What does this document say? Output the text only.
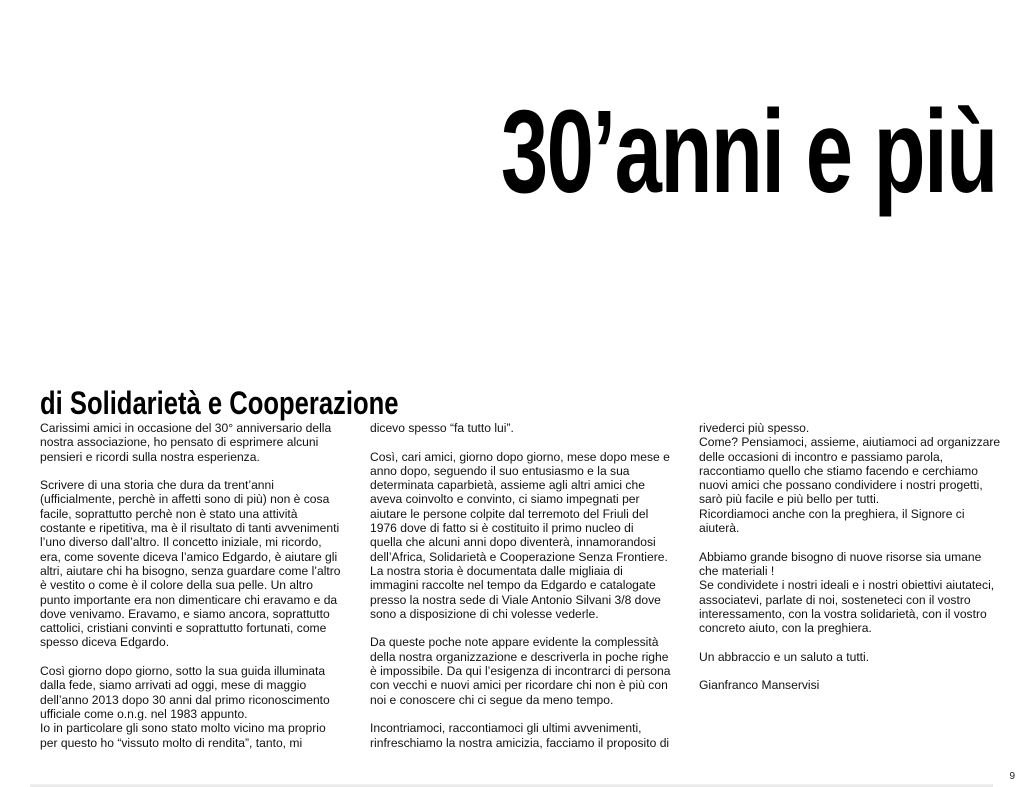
30’anni e più
di Solidarietà e Cooperazione

Carissimi amici in occasione del 30° anniversario della
nostra associazione, ho pensato di esprimere alcuni
pensieri e ricordi sulla nostra esperienza.

Scrivere di una storia che dura da trent’anni
(ufficialmente, perchè in affetti sono di più) non è cosa
facile, soprattutto perchè non è stato una attività
costante e ripetitiva, ma è il risultato di tanti avvenimenti
l’uno diverso dall’altro. Il concetto iniziale, mi ricordo,
era, come sovente diceva l’amico Edgardo, è aiutare gli
altri, aiutare chi ha bisogno, senza guardare come l’altro
è vestito o come è il colore della sua pelle. Un altro
punto importante era non dimenticare chi eravamo e da
dove venivamo. Eravamo, e siamo ancora, soprattutto
cattolici, cristiani convinti e soprattutto fortunati, come
spesso diceva Edgardo.

Così giorno dopo giorno, sotto la sua guida illuminata
dalla fede, siamo arrivati ad oggi, mese di maggio
dell’anno 2013 dopo 30 anni dal primo riconoscimento
ufficiale come o.n.g. nel 1983 appunto.
Io in particolare gli sono stato molto vicino ma proprio
per questo ho “vissuto molto di rendita”, tanto, mi

dicevo spesso “fa tutto lui”.

Così, cari amici, giorno dopo giorno, mese dopo mese e
anno dopo, seguendo il suo entusiasmo e la sua
determinata caparbietà, assieme agli altri amici che
aveva coinvolto e convinto, ci siamo impegnati per
aiutare le persone colpite dal terremoto del Friuli del
1976 dove di fatto si è costituito il primo nucleo di
quella che alcuni anni dopo diventerà, innamorandosi
dell’Africa, Solidarietà e Cooperazione Senza Frontiere.
La nostra storia è documentata dalle migliaia di
immagini raccolte nel tempo da Edgardo e catalogate
presso la nostra sede di Viale Antonio Silvani 3/8 dove
sono a disposizione di chi volesse vederle.

Da queste poche note appare evidente la complessità
della nostra organizzazione e descriverla in poche righe
è impossibile. Da qui l’esigenza di incontrarci di persona
con vecchi e nuovi amici per ricordare chi non è più con
noi e conoscere chi ci segue da meno tempo.

Incontriamoci, raccontiamoci gli ultimi avvenimenti,
rinfreschiamo la nostra amicizia, facciamo il proposito di

rivederci più spesso.
Come? Pensiamoci, assieme, aiutiamoci ad organizzare
delle occasioni di incontro e passiamo parola,
raccontiamo quello che stiamo facendo e cerchiamo
nuovi amici che possano condividere i nostri progetti,
sarò più facile e più bello per tutti.
Ricordiamoci anche con la preghiera, il Signore ci
aiuterà.

Abbiamo grande bisogno di nuove risorse sia umane
che materiali !
Se condividete i nostri ideali e i nostri obiettivi aiutateci,
associatevi, parlate di noi, sosteneteci con il vostro
interessamento, con la vostra solidarietà, con il vostro
concreto aiuto, con la preghiera.

Un abbraccio e un saluto a tutti.

Gianfranco Manservisi

9
